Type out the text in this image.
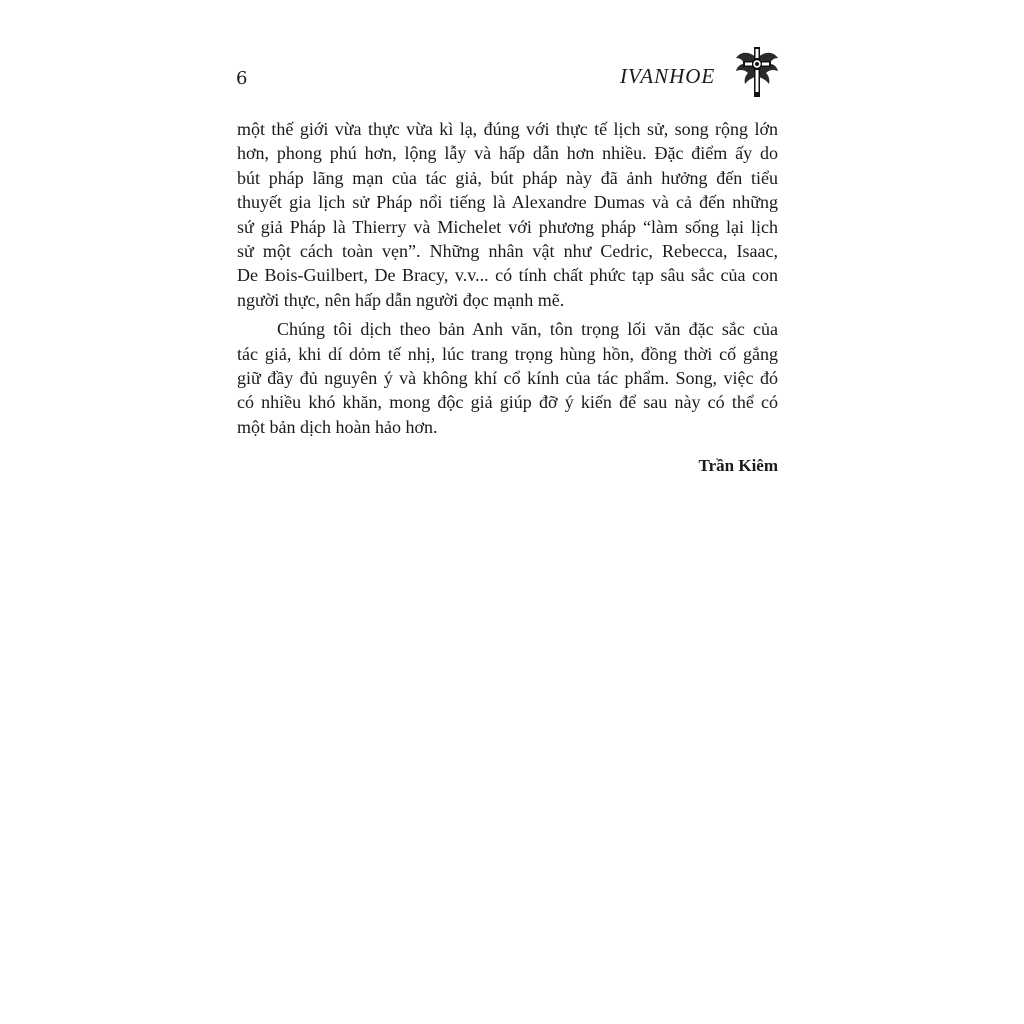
6	IVANHOE

một thế giới vừa thực vừa kì lạ, đúng với thực tế lịch sử, song rộng lớn
hơn, phong phú hơn, lộng lẫy và hấp dẫn hơn nhiều. Đặc điểm ấy do
bút pháp lãng mạn của tác giả, bút pháp này đã ảnh hưởng đến tiểu
thuyết gia lịch sử Pháp nổi tiếng là Alexandre Dumas và cả đến những
sứ giả Pháp là Thierry và Michelet với phương pháp “làm sống lại lịch
sử một cách toàn vẹn”. Những nhân vật như Cedric, Rebecca, Isaac,
De Bois-Guilbert, De Bracy, v.v... có tính chất phức tạp sâu sắc của con
người thực, nên hấp dẫn người đọc mạnh mẽ.

Chúng tôi dịch theo bản Anh văn, tôn trọng lối văn đặc sắc của
tác giả, khi dí dỏm tế nhị, lúc trang trọng hùng hồn, đồng thời cố gắng
giữ đầy đủ nguyên ý và không khí cổ kính của tác phẩm. Song, việc đó
có nhiều khó khăn, mong độc giả giúp đỡ ý kiến để sau này có thể có
một bản dịch hoàn hảo hơn.

Trần Kiêm
